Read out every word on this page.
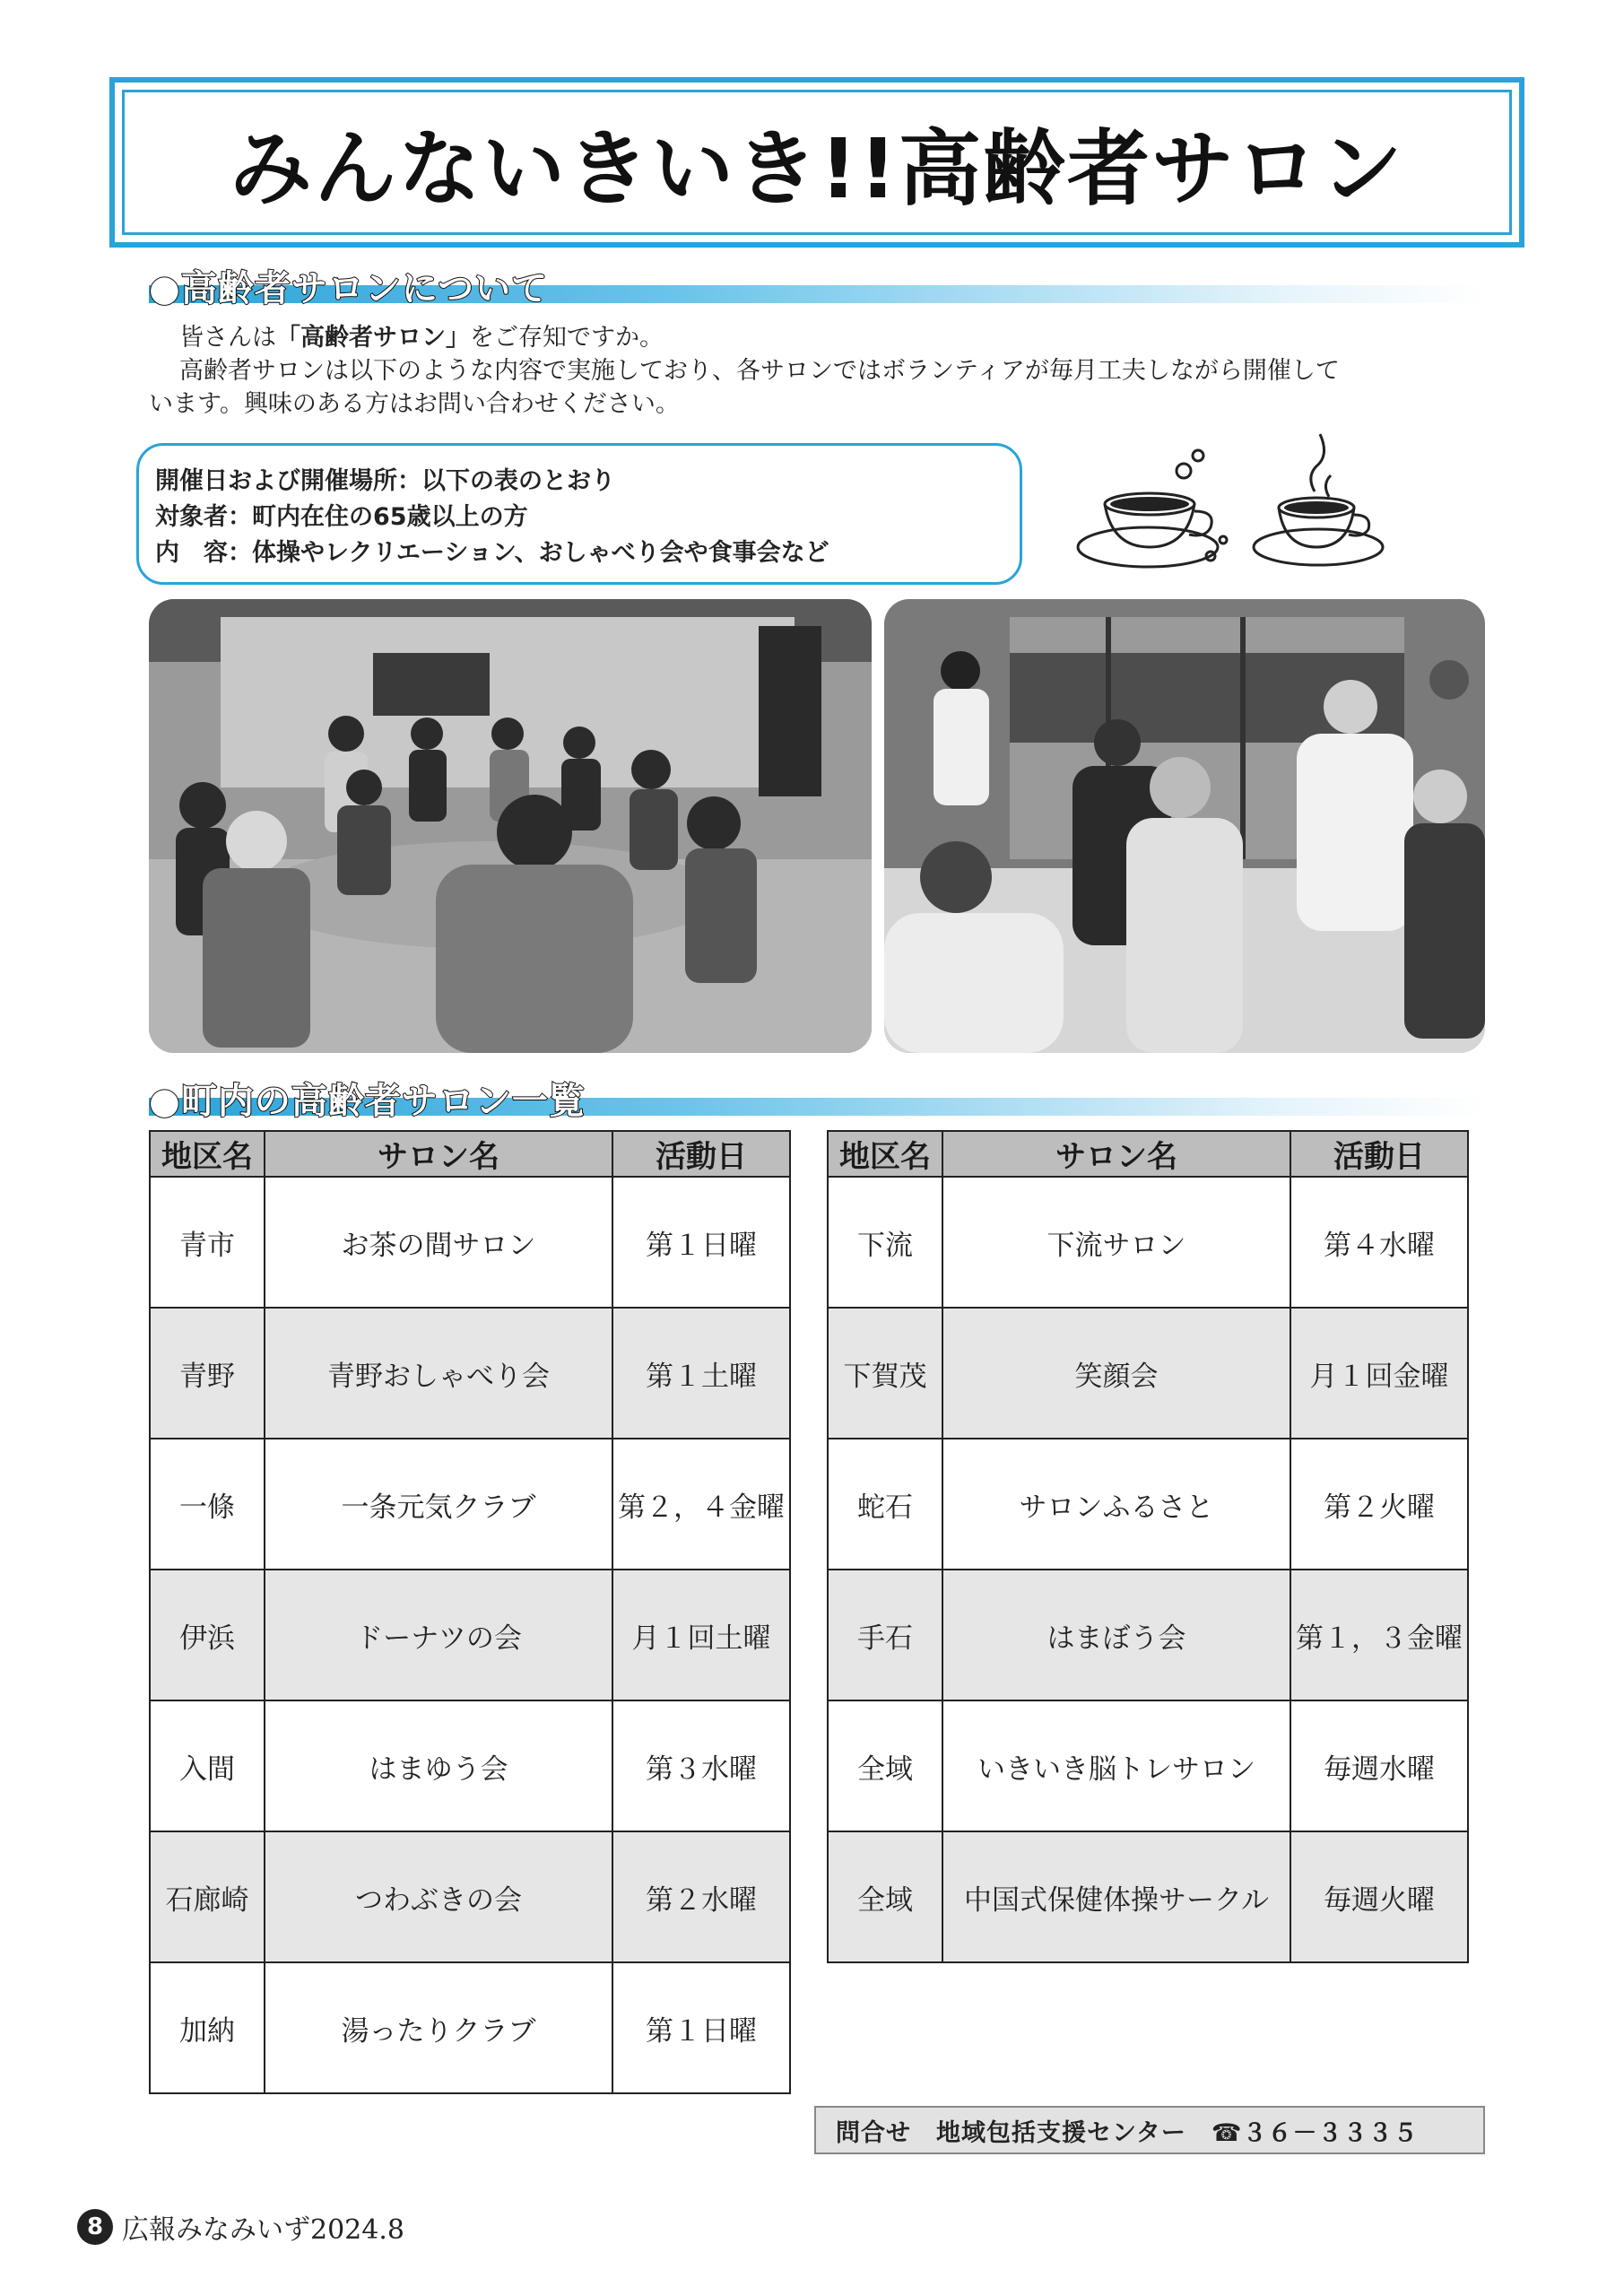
みんないきいき!!高齢者サロン
●高齢者サロンについて

皆さんは「高齢者サロン」をご存知ですか。

高齢者サロンは以下のような内容で実施しており、各サロンではボランティアが毎月工夫しながら開催して

います。興味のある方はお問い合わせください。

開催日および開催場所：以下の表のとおり
対象者：町内在住の65歳以上の方
内　容：体操やレクリエーション、おしゃべり会や食事会など
●町内の高齢者サロン一覧
地区名	サロン名	活動日
青市	お茶の間サロン	第１日曜
青野	青野おしゃべり会	第１土曜
一條	一条元気クラブ	第２，４金曜
伊浜	ドーナツの会	月１回土曜
入間	はまゆう会	第３水曜
石廊崎	つわぶきの会	第２水曜
加納	湯ったりクラブ	第１日曜
地区名	サロン名	活動日
下流	下流サロン	第４水曜
下賀茂	笑顔会	月１回金曜
蛇石	サロンふるさと	第２火曜
手石	はまぼう会	第１，３金曜
全域	いきいき脳トレサロン	毎週水曜
全域	中国式保健体操サークル	毎週火曜
問合せ 地域包括支援センター ☎３６－３３３５
8 広報みなみいず2024.8
